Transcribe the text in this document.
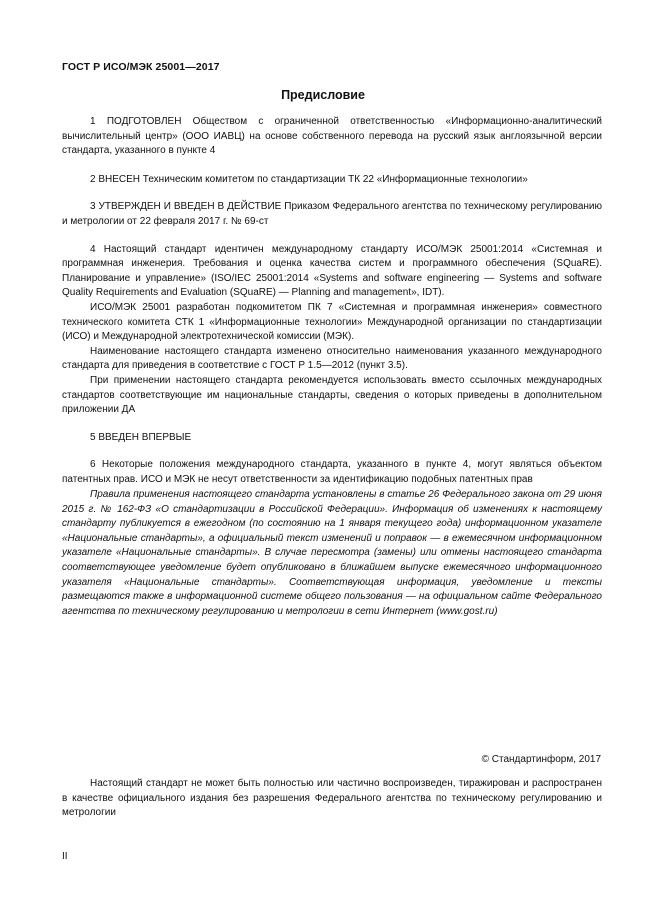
ГОСТ Р ИСО/МЭК 25001—2017
Предисловие

1 ПОДГОТОВЛЕН Обществом с ограниченной ответственностью «Информационно-аналитический вычислительный центр» (ООО ИАВЦ) на основе собственного перевода на русский язык англоязычной версии стандарта, указанного в пункте 4

2 ВНЕСЕН Техническим комитетом по стандартизации ТК 22 «Информационные технологии»

3 УТВЕРЖДЕН И ВВЕДЕН В ДЕЙСТВИЕ Приказом Федерального агентства по техническому регулированию и метрологии от 22 февраля 2017 г. № 69-ст

4 Настоящий стандарт идентичен международному стандарту ИСО/МЭК 25001:2014 «Системная и программная инженерия. Требования и оценка качества систем и программного обеспечения (SQuaRE). Планирование и управление» (ISO/IEC 25001:2014 «Systems and software engineering — Systems and software Quality Requirements and Evaluation (SQuaRE) — Planning and management», IDT).

ИСО/МЭК 25001 разработан подкомитетом ПК 7 «Системная и программная инженерия» совместного технического комитета СТК 1 «Информационные технологии» Международной организации по стандартизации (ИСО) и Международной электротехнической комиссии (МЭК).

Наименование настоящего стандарта изменено относительно наименования указанного международного стандарта для приведения в соответствие с ГОСТ Р 1.5—2012 (пункт 3.5).

При применении настоящего стандарта рекомендуется использовать вместо ссылочных международных стандартов соответствующие им национальные стандарты, сведения о которых приведены в дополнительном приложении ДА

5 ВВЕДЕН ВПЕРВЫЕ

6 Некоторые положения международного стандарта, указанного в пункте 4, могут являться объектом патентных прав. ИСО и МЭК не несут ответственности за идентификацию подобных патентных прав

Правила применения настоящего стандарта установлены в статье 26 Федерального закона от 29 июня 2015 г. № 162-ФЗ «О стандартизации в Российской Федерации». Информация об изменениях к настоящему стандарту публикуется в ежегодном (по состоянию на 1 января текущего года) информационном указателе «Национальные стандарты», а официальный текст изменений и поправок — в ежемесячном информационном указателе «Национальные стандарты». В случае пересмотра (замены) или отмены настоящего стандарта соответствующее уведомление будет опубликовано в ближайшем выпуске ежемесячного информационного указателя «Национальные стандарты». Соответствующая информация, уведомление и тексты размещаются также в информационной системе общего пользования — на официальном сайте Федерального агентства по техническому регулированию и метрологии в сети Интернет (www.gost.ru)
© Стандартинформ, 2017
Настоящий стандарт не может быть полностью или частично воспроизведен, тиражирован и распространен в качестве официального издания без разрешения Федерального агентства по техническому регулированию и метрологии
II
